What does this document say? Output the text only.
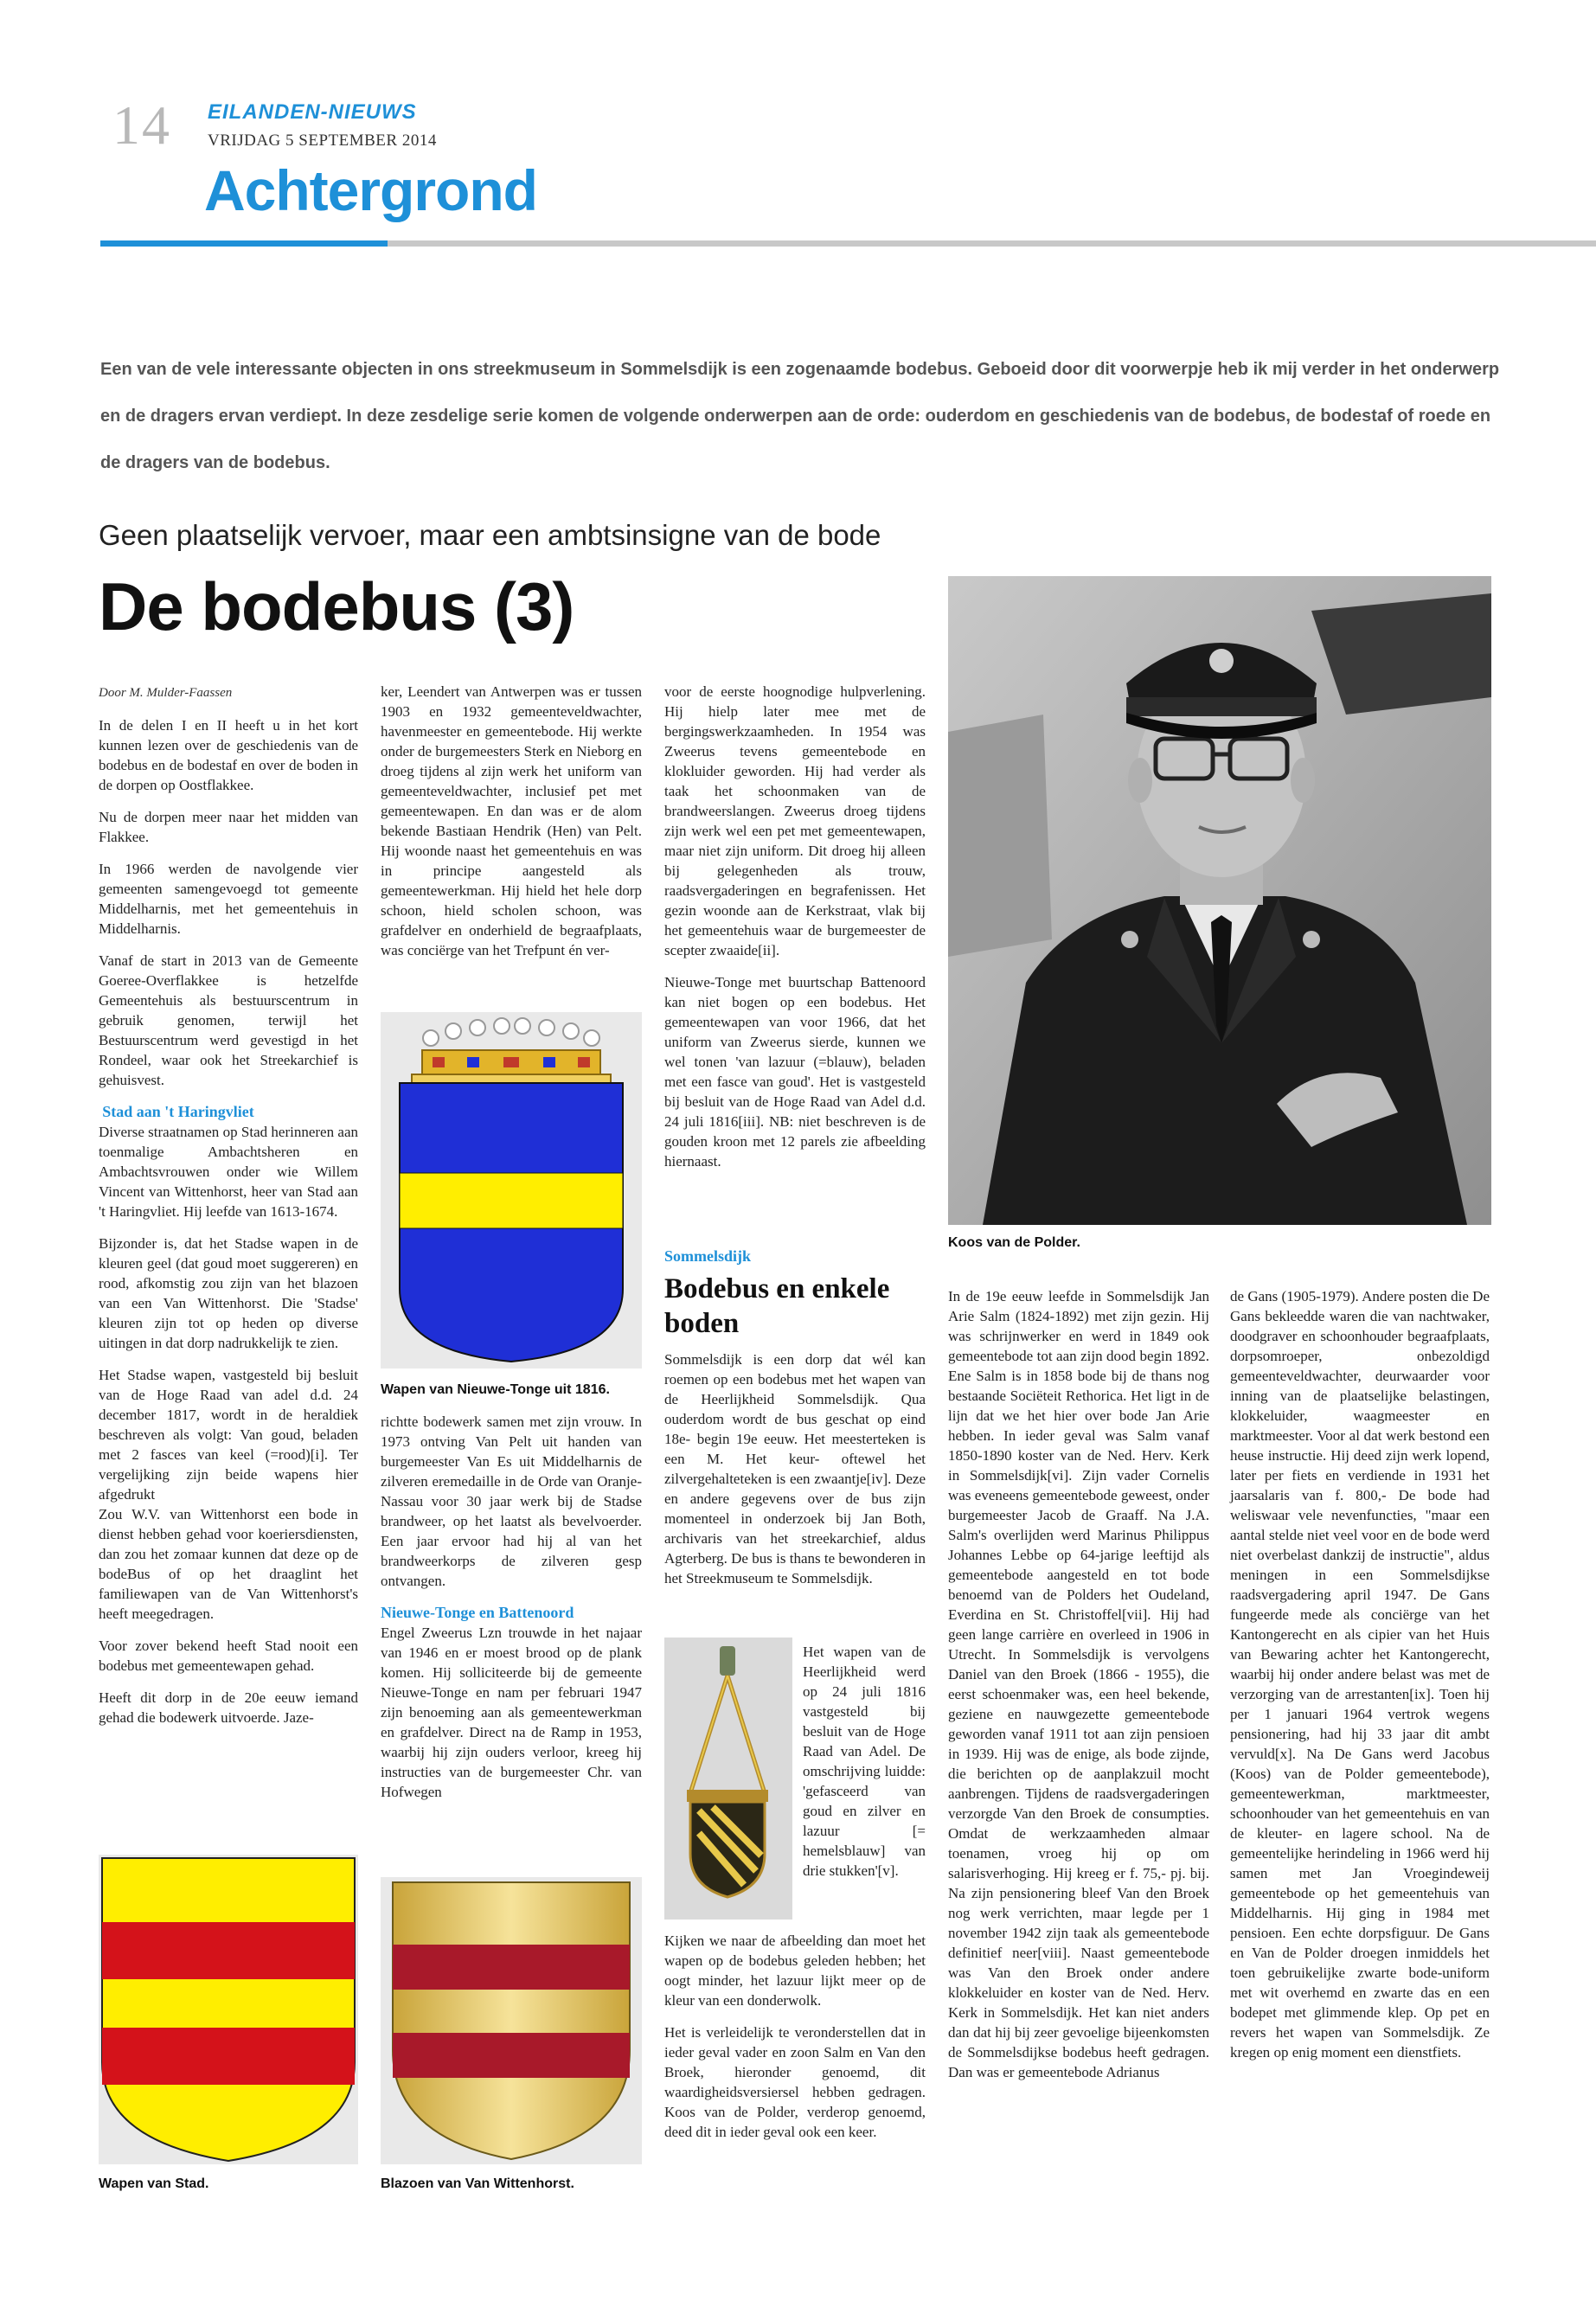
14 EILANDEN-NIEUWS
VRIJDAG 5 SEPTEMBER 2014
Achtergrond
Een van de vele interessante objecten in ons streekmuseum in Sommelsdijk is een zogenaamde bodebus. Geboeid door dit voorwerpje heb ik mij verder in het onderwerp en de dragers ervan verdiept. In deze zesdelige serie komen de volgende onderwerpen aan de orde: ouderdom en geschiedenis van de bodebus, de bodestaf of roede en de dragers van de bodebus.
Geen plaatselijk vervoer, maar een ambtsinsigne van de bode
De bodebus (3)

Door M. Mulder-Faassen

In de delen I en II heeft u in het kort kunnen lezen over de geschiedenis van de bodebus en de bodestaf en over de boden in de dorpen op Oostflakkee.

Nu de dorpen meer naar het midden van Flakkee.

In 1966 werden de navolgende vier gemeenten samengevoegd tot gemeente Middelharnis, met het gemeentehuis in Middelharnis.

Vanaf de start in 2013 van de Gemeente Goeree-Overflakkee is hetzelfde Gemeentehuis als bestuurscentrum in gebruik genomen, terwijl het Bestuurscentrum werd gevestigd in het Rondeel, waar ook het Streekarchief is gehuisvest.

Stad aan 't Haringvliet

Diverse straatnamen op Stad herinneren aan toenmalige Ambachtsheren en Ambachtsvrouwen onder wie Willem Vincent van Wittenhorst, heer van Stad aan 't Haringvliet. Hij leefde van 1613-1674.

Bijzonder is, dat het Stadse wapen in de kleuren geel (dat goud moet suggereren) en rood, afkomstig zou zijn van het blazoen van een Van Wittenhorst. Die 'Stadse' kleuren zijn tot op heden op diverse uitingen in dat dorp nadrukkelijk te zien.

Het Stadse wapen, vastgesteld bij besluit van de Hoge Raad van adel d.d. 24 december 1817, wordt in de heraldiek beschreven als volgt: Van goud, beladen met 2 fasces van keel (=rood)[i]. Ter vergelijking zijn beide wapens hier afgedrukt

Zou W.V. van Wittenhorst een bode in dienst hebben gehad voor koeriersdiensten, dan zou het zomaar kunnen dat deze op de bodeBus of op het draaglint het familiewapen van de Van Wittenhorst's heeft meegedragen.

Voor zover bekend heeft Stad nooit een bodebus met gemeentewapen gehad.

Heeft dit dorp in de 20e eeuw iemand gehad die bodewerk uitvoerde. Jaze-

ker, Leendert van Antwerpen was er tussen 1903 en 1932 gemeenteveldwachter, havenmeester en gemeentebode. Hij werkte onder de burgemeesters Sterk en Nieborg en droeg tijdens al zijn werk het uniform van gemeenteveldwachter, inclusief pet met gemeentewapen. En dan was er de alom bekende Bastiaan Hendrik (Hen) van Pelt. Hij woonde naast het gemeentehuis en was in principe aangesteld als gemeentewerkman. Hij hield het hele dorp schoon, hield scholen schoon, was grafdelver en onderhield de begraafplaats, was conciërge van het Trefpunt én ver-

Wapen van Nieuwe-Tonge uit 1816.

richtte bodewerk samen met zijn vrouw. In 1973 ontving Van Pelt uit handen van burgemeester Van Es uit Middelharnis de zilveren eremedaille in de Orde van Oranje-Nassau voor 30 jaar werk bij de Stadse brandweer, op het laatst als bevelvoerder. Een jaar ervoor had hij al van het brandweerkorps de zilveren gesp ontvangen.

Nieuwe-Tonge en Battenoord

Engel Zweerus Lzn trouwde in het najaar van 1946 en er moest brood op de plank komen. Hij solliciteerde bij de gemeente Nieuwe-Tonge en nam per februari 1947 zijn benoeming aan als gemeentewerkman en grafdelver. Direct na de Ramp in 1953, waarbij hij zijn ouders verloor, kreeg hij instructies van de burgemeester Chr. van Hofwegen

Blazoen van Van Wittenhorst.
Wapen van Stad.

voor de eerste hoognodige hulpverlening. Hij hielp later mee met de bergingswerkzaamheden. In 1954 was Zweerus tevens gemeentebode en klokluider geworden. Hij had verder als taak het schoonmaken van de brandweerslangen. Zweerus droeg tijdens zijn werk wel een pet met gemeentewapen, maar niet zijn uniform. Dit droeg hij alleen bij gelegenheden als trouw, raadsvergaderingen en begrafenissen. Het gezin woonde aan de Kerkstraat, vlak bij het gemeentehuis waar de burgemeester de scepter zwaaide[ii].

Nieuwe-Tonge met buurtschap Battenoord kan niet bogen op een bodebus. Het gemeentewapen van voor 1966, dat het uniform van Zweerus sierde, kunnen we wel tonen 'van lazuur (=blauw), beladen met een fasce van goud'. Het is vastgesteld bij besluit van de Hoge Raad van Adel d.d. 24 juli 1816[iii]. NB: niet beschreven is de gouden kroon met 12 parels zie afbeelding hiernaast.

Sommelsdijk
Bodebus en enkele boden

Sommelsdijk is een dorp dat wél kan roemen op een bodebus met het wapen van de Heerlijkheid Sommelsdijk. Qua ouderdom wordt de bus geschat op eind 18e- begin 19e eeuw. Het meesterteken is een M. Het keur- oftewel het zilvergehalteteken is een zwaantje[iv]. Deze en andere gegevens over de bus zijn momenteel in onderzoek bij Jan Both, archivaris van het streekarchief, aldus Agterberg. De bus is thans te bewonderen in het Streekmuseum te Sommelsdijk.

Het wapen van de Heerlijkheid werd op 24 juli 1816 vastgesteld bij besluit van de Hoge Raad van Adel. De omschrijving luidde: 'gefasceerd van goud en zilver en lazuur [= hemelsblauw] van drie stukken'[v].

Kijken we naar de afbeelding dan moet het wapen op de bodebus geleden hebben; het oogt minder, het lazuur lijkt meer op de kleur van een donderwolk.

Het is verleidelijk te veronderstellen dat in ieder geval vader en zoon Salm en Van den Broek, hieronder genoemd, dit waardigheidsversiersel hebben gedragen. Koos van de Polder, verderop genoemd, deed dit in ieder geval ook een keer.

Koos van de Polder.

In de 19e eeuw leefde in Sommelsdijk Jan Arie Salm (1824-1892) met zijn gezin. Hij was schrijnwerker en werd in 1849 ook gemeentebode tot aan zijn dood begin 1892. Ene Salm is in 1858 bode bij de thans nog bestaande Sociëteit Rethorica. Het ligt in de lijn dat we het hier over bode Jan Arie hebben. In ieder geval was Salm vanaf 1850-1890 koster van de Ned. Herv. Kerk in Sommelsdijk[vi]. Zijn vader Cornelis was eveneens gemeentebode geweest, onder burgemeester Jacob de Graaff. Na J.A. Salm's overlijden werd Marinus Philippus Johannes Lebbe op 64-jarige leeftijd als gemeentebode aangesteld en tot bode benoemd van de Polders het Oudeland, Everdina en St. Christoffel[vii]. Hij had geen lange carrière en overleed in 1906 in Utrecht. In Sommelsdijk is vervolgens Daniel van den Broek (1866 - 1955), die eerst schoenmaker was, een heel bekende, geziene en nauwgezette gemeentebode geworden vanaf 1911 tot aan zijn pensioen in 1939. Hij was de enige, als bode zijnde, die berichten op de aanplakzuil mocht aanbrengen. Tijdens de raadsvergaderingen verzorgde Van den Broek de consumpties. Omdat de werkzaamheden almaar toenamen, vroeg hij op om salarisverhoging. Hij kreeg er f. 75,- pj. bij. Na zijn pensionering bleef Van den Broek nog werk verrichten, maar legde per 1 november 1942 zijn taak als gemeentebode definitief neer[viii]. Naast gemeentebode was Van den Broek onder andere klokkeluider en koster van de Ned. Herv. Kerk in Sommelsdijk. Het kan niet anders dan dat hij bij zeer gevoelige bijeenkomsten de Sommelsdijkse bodebus heeft gedragen. Dan was er gemeentebode Adrianus

de Gans (1905-1979). Andere posten die De Gans bekleedde waren die van nachtwaker, doodgraver en schoonhouder begraafplaats, dorpsomroeper, onbezoldigd gemeenteveldwachter, deurwaarder voor inning van de plaatselijke belastingen, klokkeluider, waagmeester en marktmeester. Voor al dat werk bestond een heuse instructie. Hij deed zijn werk lopend, later per fiets en verdiende in 1931 het jaarsalaris van f. 800,- De bode had weliswaar vele nevenfuncties, "maar een aantal stelde niet veel voor en de bode werd niet overbelast dankzij de instructie", aldus meningen in een Sommelsdijkse raadsvergadering april 1947. De Gans fungeerde mede als conciërge van het Kantongerecht en als cipier van het Huis van Bewaring achter het Kantongerecht, waarbij hij onder andere belast was met de verzorging van de arrestanten[ix]. Toen hij per 1 januari 1964 vertrok wegens pensionering, had hij 33 jaar dit ambt vervuld[x]. Na De Gans werd Jacobus (Koos) van de Polder gemeentebode), gemeentewerkman, marktmeester, schoonhouder van het gemeentehuis en van de kleuter- en lagere school. Na de gemeentelijke herindeling in 1966 werd hij samen met Jan Vroegindeweij gemeentebode op het gemeentehuis van Middelharnis. Hij ging in 1984 met pensioen. Een echte dorpsfiguur. De Gans en Van de Polder droegen inmiddels het toen gebruikelijke zwarte bode-uniform met wit overhemd en zwarte das en een bodepet met glimmende klep. Op pet en revers het wapen van Sommelsdijk. Ze kregen op enig moment een dienstfiets.
